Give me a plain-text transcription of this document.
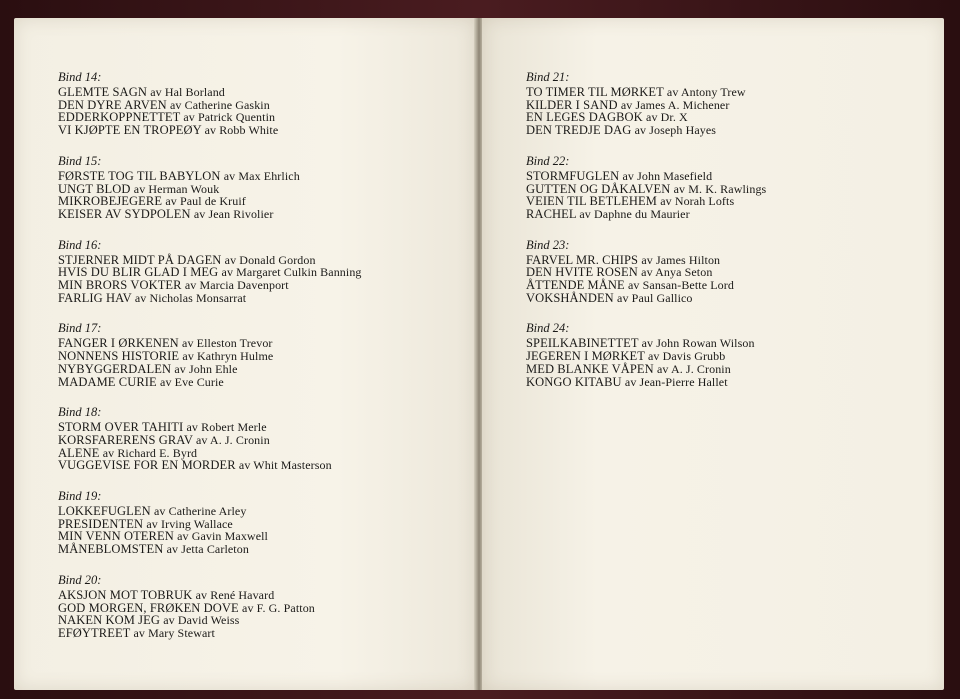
Bind 14:
GLEMTE SAGN av Hal Borland
DEN DYRE ARVEN av Catherine Gaskin
EDDERKOPPNETTET av Patrick Quentin
VI KJØPTE EN TROPEØY av Robb White
Bind 15:
FØRSTE TOG TIL BABYLON av Max Ehrlich
UNGT BLOD av Herman Wouk
MIKROBEJEGERE av Paul de Kruif
KEISER AV SYDPOLEN av Jean Rivolier
Bind 16:
STJERNER MIDT PÅ DAGEN av Donald Gordon
HVIS DU BLIR GLAD I MEG av Margaret Culkin Banning
MIN BRORS VOKTER av Marcia Davenport
FARLIG HAV av Nicholas Monsarrat
Bind 17:
FANGER I ØRKENEN av Elleston Trevor
NONNENS HISTORIE av Kathryn Hulme
NYBYGGERDALEN av John Ehle
MADAME CURIE av Eve Curie
Bind 18:
STORM OVER TAHITI av Robert Merle
KORSFARERENS GRAV av A. J. Cronin
ALENE av Richard E. Byrd
VUGGEVISE FOR EN MORDER av Whit Masterson
Bind 19:
LOKKEFUGLEN av Catherine Arley
PRESIDENTEN av Irving Wallace
MIN VENN OTEREN av Gavin Maxwell
MÅNEBLOMSTEN av Jetta Carleton
Bind 20:
AKSJON MOT TOBRUK av René Havard
GOD MORGEN, FRØKEN DOVE av F. G. Patton
NAKEN KOM JEG av David Weiss
EFØYTREET av Mary Stewart
Bind 21:
TO TIMER TIL MØRKET av Antony Trew
KILDER I SAND av James A. Michener
EN LEGES DAGBOK av Dr. X
DEN TREDJE DAG av Joseph Hayes
Bind 22:
STORMFUGLEN av John Masefield
GUTTEN OG DÅKALVEN av M. K. Rawlings
VEIEN TIL BETLEHEM av Norah Lofts
RACHEL av Daphne du Maurier
Bind 23:
FARVEL MR. CHIPS av James Hilton
DEN HVITE ROSEN av Anya Seton
ÅTTENDE MÅNE av Sansan-Bette Lord
VOKSHÅNDEN av Paul Gallico
Bind 24:
SPEILKABINETTET av John Rowan Wilson
JEGEREN I MØRKET av Davis Grubb
MED BLANKE VÅPEN av A. J. Cronin
KONGO KITABU av Jean-Pierre Hallet
